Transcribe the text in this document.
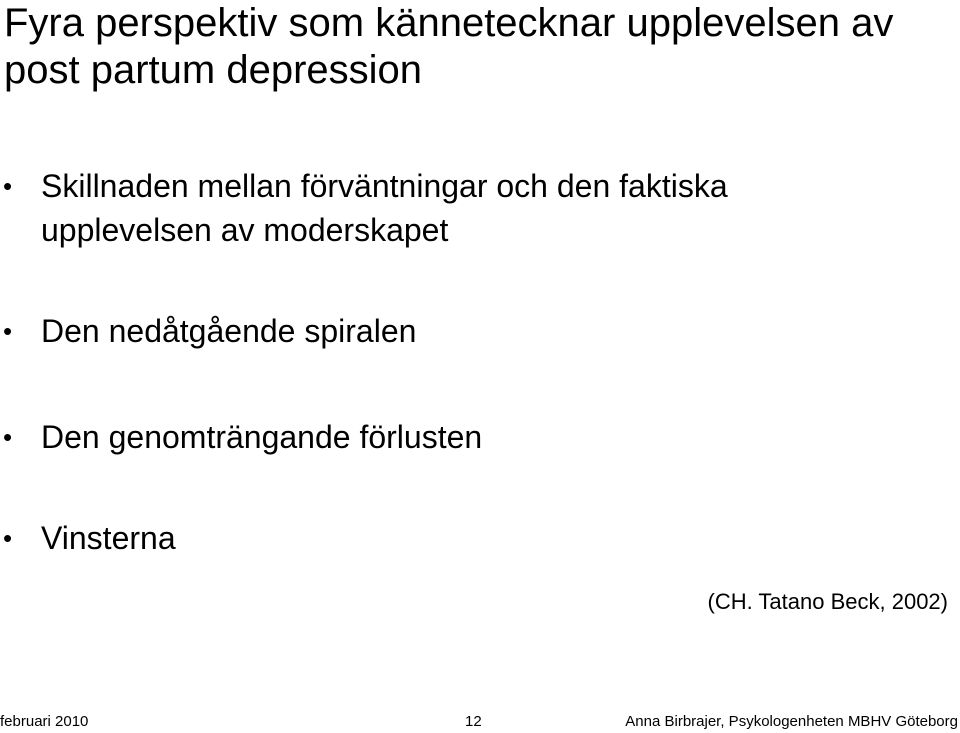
Fyra perspektiv som kännetecknar upplevelsen av post partum depression
• Skillnaden mellan förväntningar och den faktiska upplevelsen av moderskapet
• Den nedåtgående spiralen
• Den genomträngande förlusten
• Vinsterna
(CH. Tatano Beck, 2002)
februari 2010	12	Anna Birbrajer, Psykologenheten MBHV Göteborg
